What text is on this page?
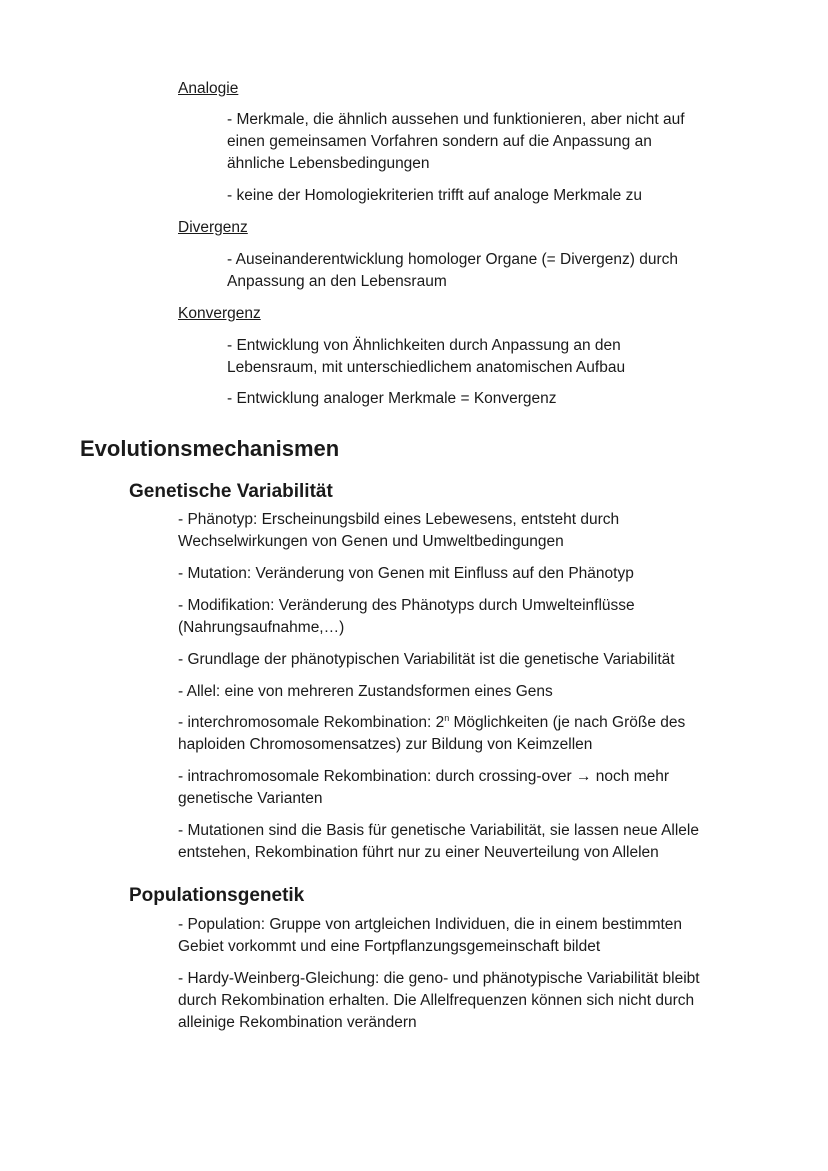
Analogie

- Merkmale, die ähnlich aussehen und funktionieren, aber nicht auf

einen gemeinsamen Vorfahren sondern auf die Anpassung an

ähnliche Lebensbedingungen

- keine der Homologiekriterien trifft auf analoge Merkmale zu

Divergenz

- Auseinanderentwicklung homologer Organe (= Divergenz) durch

Anpassung an den Lebensraum

Konvergenz

- Entwicklung von Ähnlichkeiten durch Anpassung an den

Lebensraum, mit unterschiedlichem anatomischen Aufbau

- Entwicklung analoger Merkmale = Konvergenz

Evolutionsmechanismen
Genetische Variabilität

- Phänotyp: Erscheinungsbild eines Lebewesens, entsteht durch

Wechselwirkungen von Genen und Umweltbedingungen

- Mutation: Veränderung von Genen mit Einfluss auf den Phänotyp

- Modifikation: Veränderung des Phänotyps durch Umwelteinflüsse

(Nahrungsaufnahme,…)

- Grundlage der phänotypischen Variabilität ist die genetische Variabilität

- Allel: eine von mehreren Zustandsformen eines Gens

- interchromosomale Rekombination: 2$^n$ Möglichkeiten (je nach Größe des

haploiden Chromosomensatzes) zur Bildung von Keimzellen

- intrachromosomale Rekombination: durch crossing-over → noch mehr

genetische Varianten

- Mutationen sind die Basis für genetische Variabilität, sie lassen neue Allele

entstehen, Rekombination führt nur zu einer Neuverteilung von Allelen

Populationsgenetik

- Population: Gruppe von artgleichen Individuen, die in einem bestimmten

Gebiet vorkommt und eine Fortpflanzungsgemeinschaft bildet

- Hardy-Weinberg-Gleichung: die geno- und phänotypische Variabilität bleibt

durch Rekombination erhalten. Die Allelfrequenzen können sich nicht durch

alleinige Rekombination verändern
